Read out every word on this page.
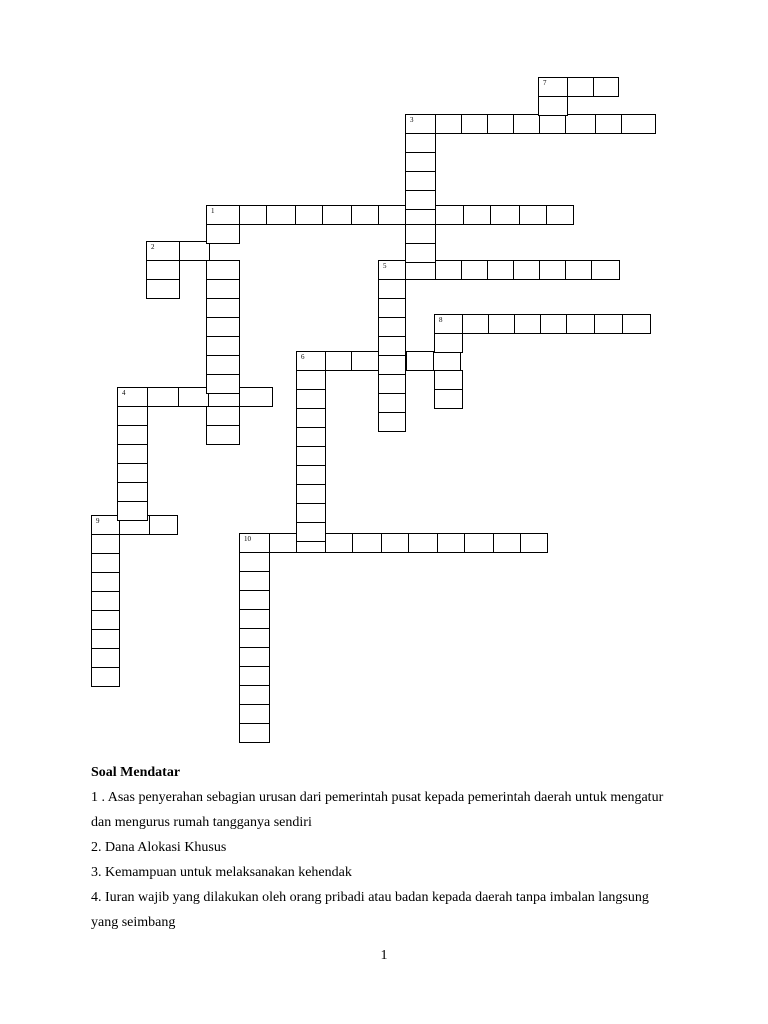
7
3
1
2
5
8
6
4
9
10
Soal Mendatar
1 . Asas penyerahan sebagian urusan dari pemerintah pusat kepada pemerintah daerah untuk mengatur dan mengurus rumah tangganya sendiri
2. Dana Alokasi Khusus
3. Kemampuan untuk melaksanakan kehendak
4. Iuran wajib yang dilakukan oleh orang pribadi atau badan kepada daerah tanpa imbalan langsung yang seimbang
1
